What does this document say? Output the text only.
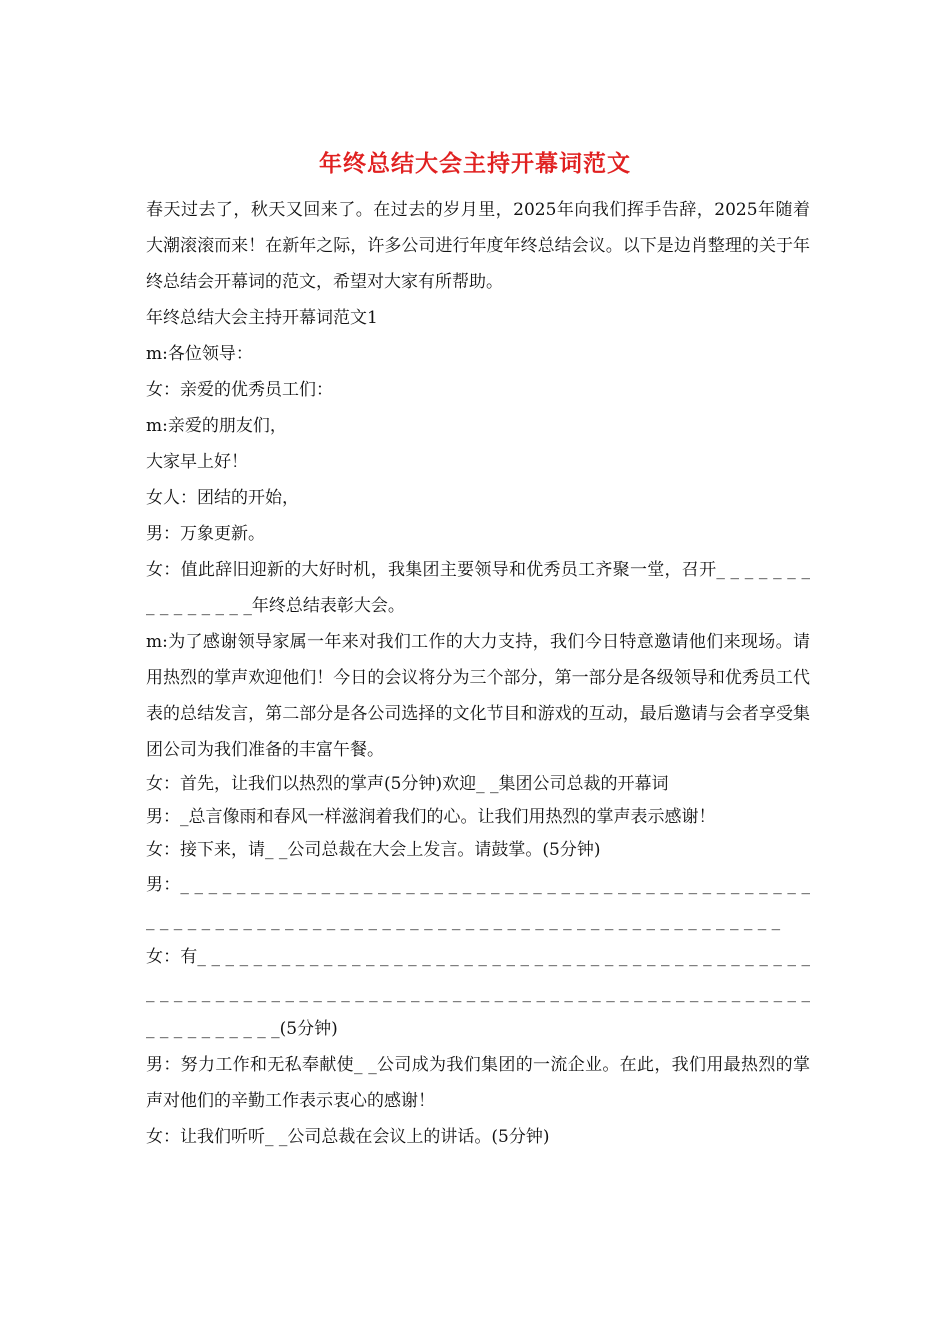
年终总结大会主持开幕词范文

春天过去了，秋天又回来了。在过去的岁月里，2025年向我们挥手告辞，2025年随着大潮滚滚而来！在新年之际，许多公司进行年度年终总结会议。以下是边肖整理的关于年终总结会开幕词的范文，希望对大家有所帮助。

年终总结大会主持开幕词范文1

m:各位领导：

女：亲爱的优秀员工们：

m:亲爱的朋友们，

大家早上好！

女人：团结的开始，

男：万象更新。

女：值此辞旧迎新的大好时机，我集团主要领导和优秀员工齐聚一堂，召开_ _ _ _ _ _ _ _ _ _ _ _ _ _ _年终总结表彰大会。

m:为了感谢领导家属一年来对我们工作的大力支持，我们今日特意邀请他们来现场。请用热烈的掌声欢迎他们！今日的会议将分为三个部分，第一部分是各级领导和优秀员工代表的总结发言，第二部分是各公司选择的文化节目和游戏的互动，最后邀请与会者享受集团公司为我们准备的丰富午餐。

女：首先，让我们以热烈的掌声(5分钟)欢迎_ _集团公司总裁的开幕词

男：_总言像雨和春风一样滋润着我们的心。让我们用热烈的掌声表示感谢！

女：接下来，请_ _公司总裁在大会上发言。请鼓掌。(5分钟)

男：_ _ _ _ _ _ _ _ _ _ _ _ _ _ _ _ _ _ _ _ _ _ _ _ _ _ _ _ _ _ _ _ _ _ _ _ _ _ _ _ _ _ _ _ _ _ _ _ _ _ _ _ _ _ _ _ _ _ _ _ _ _ _ _ _ _ _ _ _ _ _ _ _ _ _ _ _ _ _ _ _ _ _ _ _ _ _ _ _ _ _

女：有_ _ _ _ _ _ _ _ _ _ _ _ _ _ _ _ _ _ _ _ _ _ _ _ _ _ _ _ _ _ _ _ _ _ _ _ _ _ _ _ _ _ _ _ _ _ _ _ _ _ _ _ _ _ _ _ _ _ _ _ _ _ _ _ _ _ _ _ _ _ _ _ _ _ _ _ _ _ _ _ _ _ _ _ _ _ _ _ _ _ _ _ _ _ _ _ _ _ _ _ _ _(5分钟)

男：努力工作和无私奉献使_ _公司成为我们集团的一流企业。在此，我们用最热烈的掌声对他们的辛勤工作表示衷心的感谢！

女：让我们听听_ _公司总裁在会议上的讲话。(5分钟)
